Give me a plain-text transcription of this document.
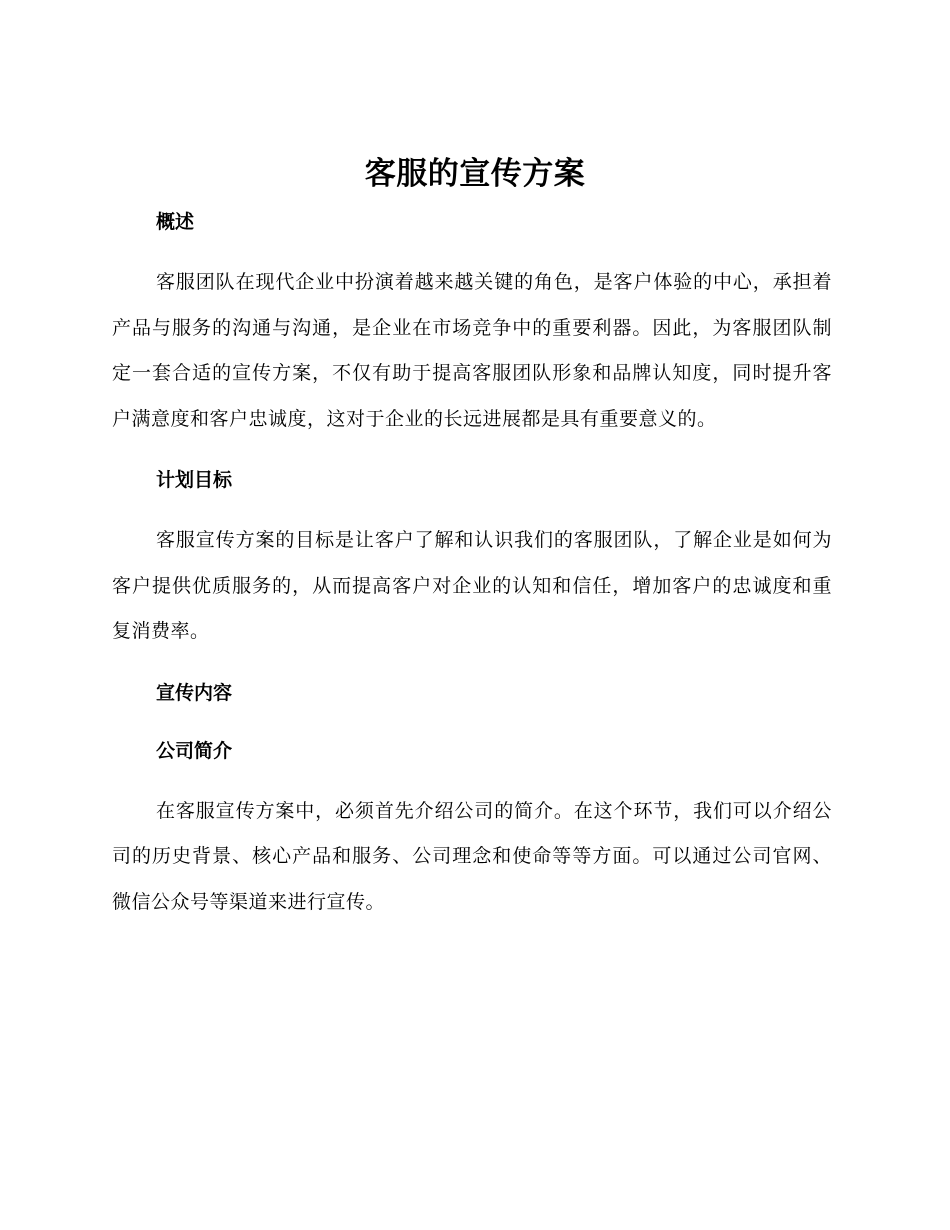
客服的宣传方案
概述

客服团队在现代企业中扮演着越来越关键的角色，是客户体验的中心，承担着产品与服务的沟通与沟通，是企业在市场竞争中的重要利器。因此，为客服团队制定一套合适的宣传方案，不仅有助于提高客服团队形象和品牌认知度，同时提升客户满意度和客户忠诚度，这对于企业的长远进展都是具有重要意义的。

计划目标

客服宣传方案的目标是让客户了解和认识我们的客服团队，了解企业是如何为客户提供优质服务的，从而提高客户对企业的认知和信任，增加客户的忠诚度和重复消费率。

宣传内容
公司简介

在客服宣传方案中，必须首先介绍公司的简介。在这个环节，我们可以介绍公司的历史背景、核心产品和服务、公司理念和使命等等方面。可以通过公司官网、微信公众号等渠道来进行宣传。
